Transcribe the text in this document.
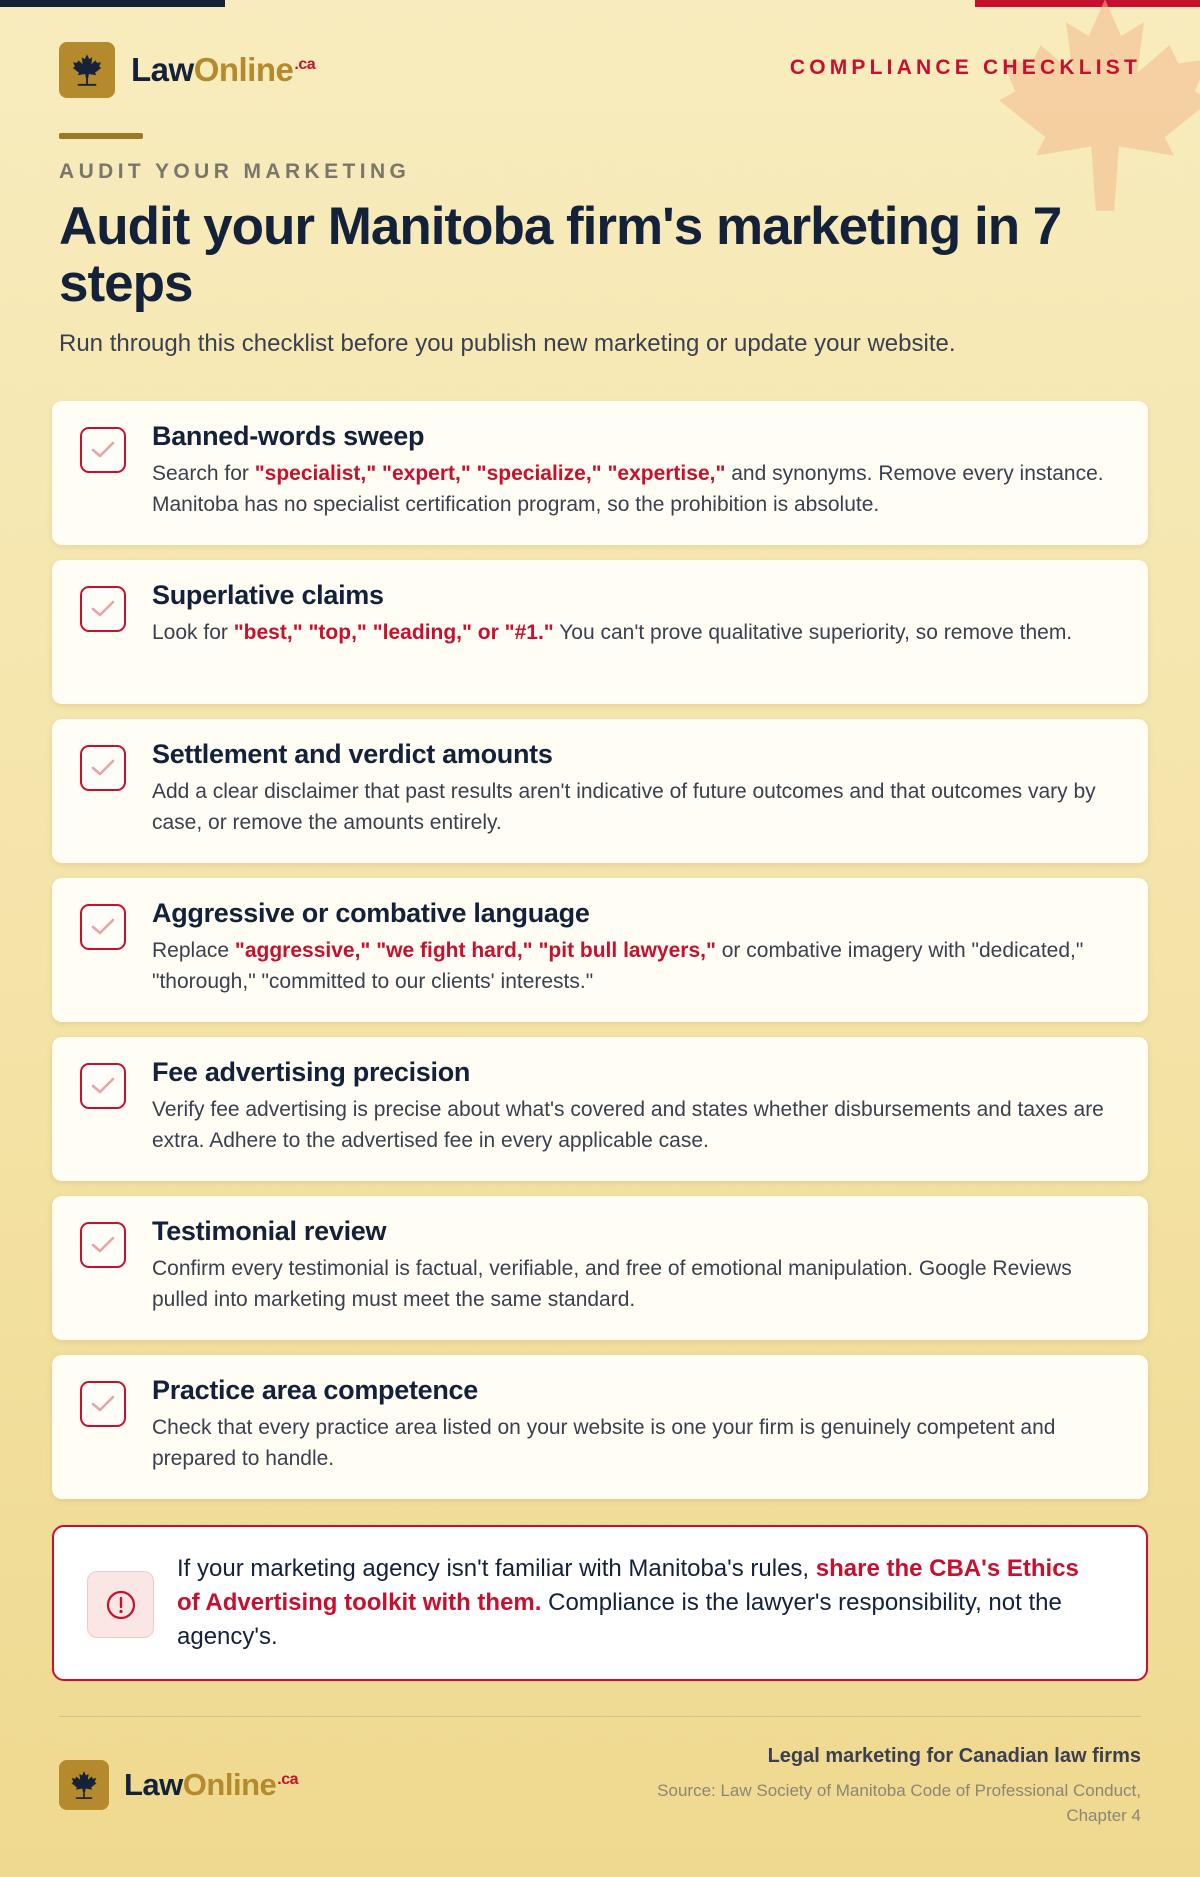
LawOnline$^{.ca}$	COMPLIANCE CHECKLIST
AUDIT YOUR MARKETING
Audit your Manitoba firm's marketing in 7 steps
Run through this checklist before you publish new marketing or update your website.
Banned-words sweep

Search for "specialist," "expert," "specialize," "expertise," and synonyms. Remove every instance. Manitoba has no specialist certification program, so the prohibition is absolute.

Superlative claims

Look for "best," "top," "leading," or "#1." You can't prove qualitative superiority, so remove them.

Settlement and verdict amounts

Add a clear disclaimer that past results aren't indicative of future outcomes and that outcomes vary by case, or remove the amounts entirely.

Aggressive or combative language

Replace "aggressive," "we fight hard," "pit bull lawyers," or combative imagery with "dedicated," "thorough," "committed to our clients' interests."

Fee advertising precision

Verify fee advertising is precise about what's covered and states whether disbursements and taxes are extra. Adhere to the advertised fee in every applicable case.

Testimonial review

Confirm every testimonial is factual, verifiable, and free of emotional manipulation. Google Reviews pulled into marketing must meet the same standard.

Practice area competence

Check that every practice area listed on your website is one your firm is genuinely competent and prepared to handle.

If your marketing agency isn't familiar with Manitoba's rules, share the CBA's Ethics of Advertising toolkit with them. Compliance is the lawyer's responsibility, not the agency's.

LawOnline$^{.ca}$

Legal marketing for Canadian law firms

Source: Law Society of Manitoba Code of Professional Conduct, Chapter 4
